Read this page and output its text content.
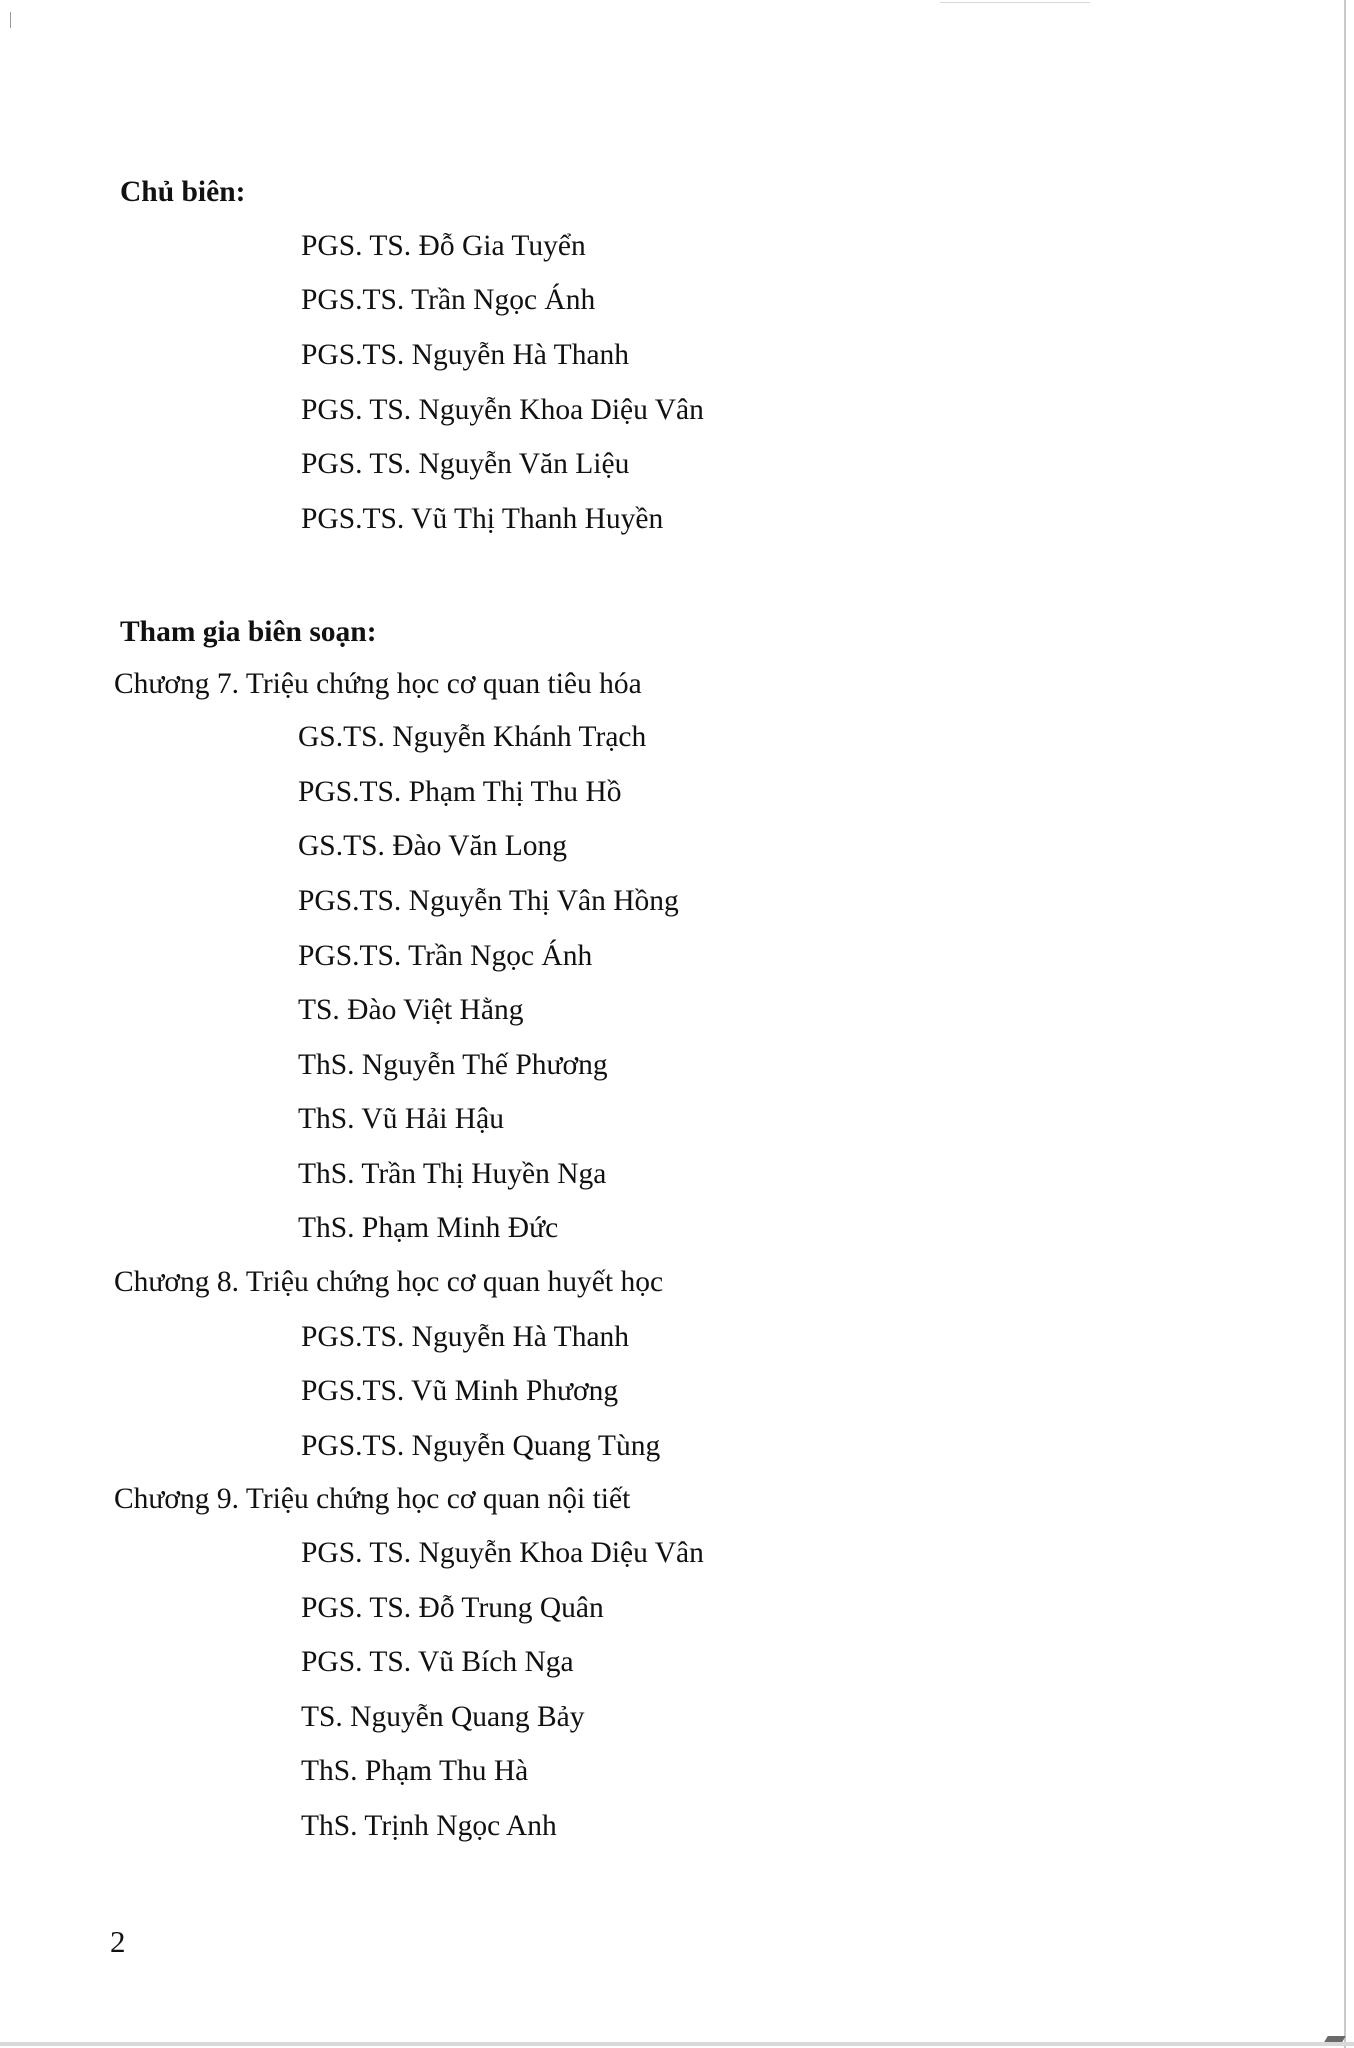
Chủ biên:
PGS. TS. Đỗ Gia Tuyển
PGS.TS. Trần Ngọc Ánh
PGS.TS. Nguyễn Hà Thanh
PGS. TS. Nguyễn Khoa Diệu Vân
PGS. TS. Nguyễn Văn Liệu
PGS.TS. Vũ Thị Thanh Huyền
Tham gia biên soạn:
Chương 7. Triệu chứng học cơ quan tiêu hóa
GS.TS. Nguyễn Khánh Trạch
PGS.TS. Phạm Thị Thu Hồ
GS.TS. Đào Văn Long
PGS.TS. Nguyễn Thị Vân Hồng
PGS.TS. Trần Ngọc Ánh
TS. Đào Việt Hằng
ThS. Nguyễn Thế Phương
ThS. Vũ Hải Hậu
ThS. Trần Thị Huyền Nga
ThS. Phạm Minh Đức
Chương 8. Triệu chứng học cơ quan huyết học
PGS.TS. Nguyễn Hà Thanh
PGS.TS. Vũ Minh Phương
PGS.TS. Nguyễn Quang Tùng
Chương 9. Triệu chứng học cơ quan nội tiết
PGS. TS. Nguyễn Khoa Diệu Vân
PGS. TS. Đỗ Trung Quân
PGS. TS. Vũ Bích Nga
TS. Nguyễn Quang Bảy
ThS. Phạm Thu Hà
ThS. Trịnh Ngọc Anh
2
